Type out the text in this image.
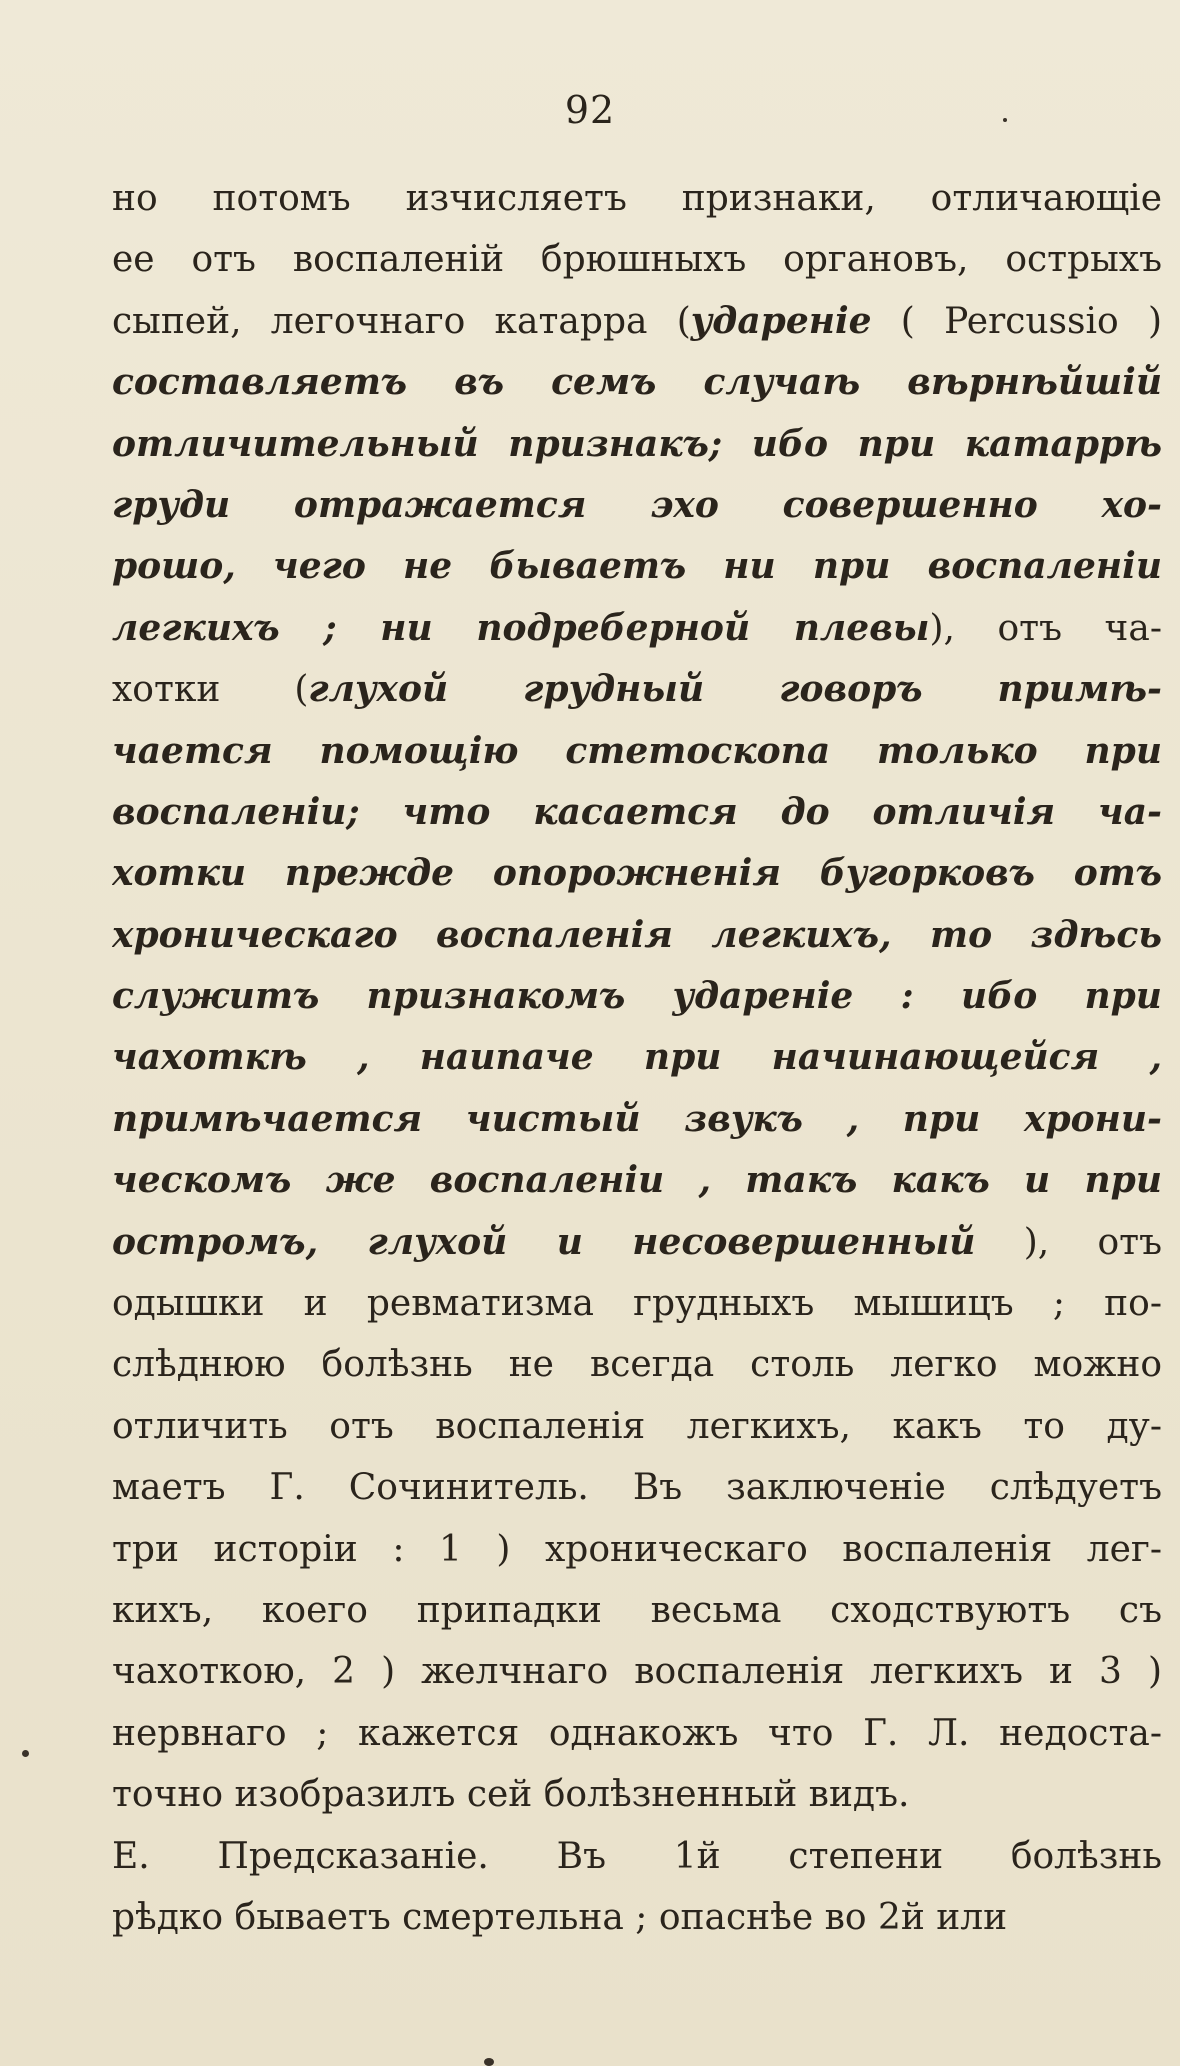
92
но потомъ изчисляетъ признаки, отличающіе
ее отъ воспаленій брюшныхъ органовъ, острыхъ
сыпей, легочнаго катарра (удареніе ( Percussio )
составляетъ въ семъ случаѣ вѣрнѣйшій
отличительный признакъ; ибо при катаррѣ
груди отражается эхо совершенно хо-
рошо, чего не бываетъ ни при воспаленіи
легкихъ ; ни подреберной плевы), отъ ча-
хотки (глухой грудный говоръ примѣ-
чается помощію стетоскопа только при
воспаленіи; что касается до отличія ча-
хотки прежде опорожненія бугорковъ отъ
хроническаго воспаленія легкихъ, то здѣсь
служитъ признакомъ удареніе : ибо при
чахоткѣ , наипаче при начинающейся ,
примѣчается чистый звукъ , при хрони-
ческомъ же воспаленіи , такъ какъ и при
остромъ, глухой и несовершенный ), отъ
одышки и ревматизма грудныхъ мышицъ ; по-
слѣднюю болѣзнь не всегда столь легко можно
отличить отъ воспаленія легкихъ, какъ то ду-
маетъ Г. Сочинитель. Въ заключеніе слѣдуетъ
три исторіи : 1 ) хроническаго воспаленія лег-
кихъ, коего припадки весьма сходствуютъ съ
чахоткою, 2 ) желчнаго воспаленія легкихъ и 3 )
нервнаго ; кажется однакожъ что Г. Л. недоста-
точно изобразилъ сей болѣзненный видъ.
Е. Предсказаніе. Въ 1й степени болѣзнь
рѣдко бываетъ смертельна ; опаснѣе во 2й или
